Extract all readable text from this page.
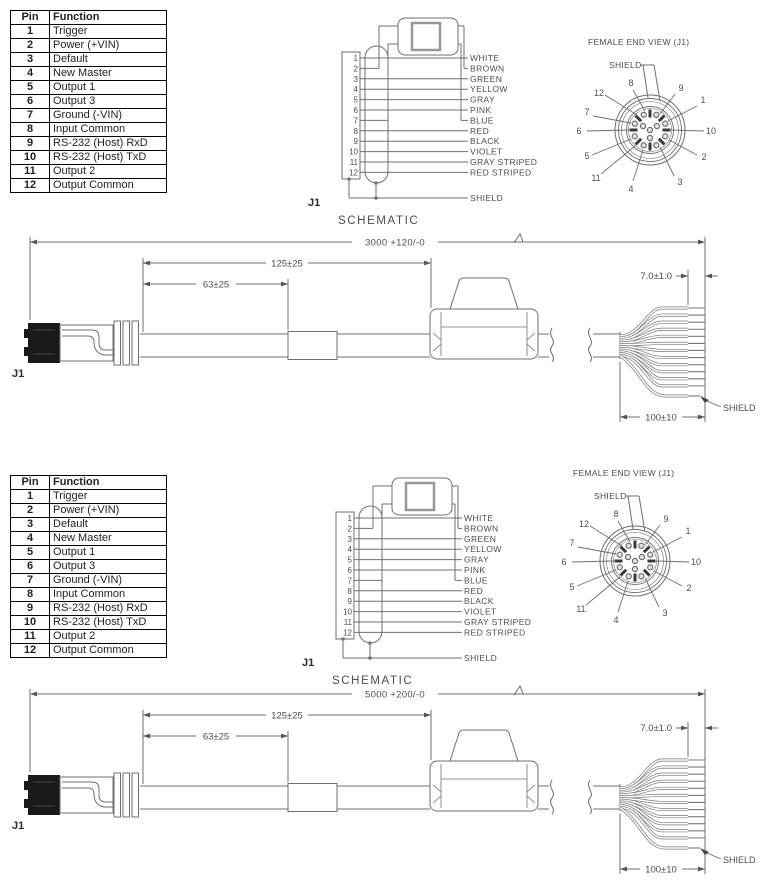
Pin	Function
1	Trigger
2	Power (+VIN)
3	Default
4	New Master
5	Output 1
6	Output 3
7	Ground (-VIN)
8	Input Common
9	RS-232 (Host) RxD
10	RS-232 (Host) TxD
11	Output 2
12	Output Common
1
2
3
4
5
6
7
8
9
10
11
12
WHITE
BROWN
GREEN
YELLOW
GRAY
PINK
BLUE
RED
BLACK
VIOLET
GRAY STRIPED
RED STRIPED
SHIELD
J1
SCHEMATIC
FEMALE END VIEW (J1)
SHIELD
12
8	9
7
1
6	10
5	2
11
4
3
3000 +120/-0
125±25
63±25
7.0±1.0
J1
SHIELD
100±10
Pin	Function
1	Trigger
2	Power (+VIN)
3	Default
4	New Master
5	Output 1
6	Output 3
7	Ground (-VIN)
8	Input Common
9	RS-232 (Host) RxD
10	RS-232 (Host) TxD
11	Output 2
12	Output Common
1
2
3
4
5
6
7
8
9
10
11
12
WHITE
BROWN
GREEN
YELLOW
GRAY
PINK
BLUE
RED
BLACK
VIOLET
GRAY STRIPED
RED STRIPED
SHIELD
J1
SCHEMATIC
FEMALE END VIEW (J1)
SHIELD
12
8	9
7
1
6	10
5	2
11
4
3
5000 +200/-0
125±25
63±25
7.0±1.0
J1
SHIELD
100±10
